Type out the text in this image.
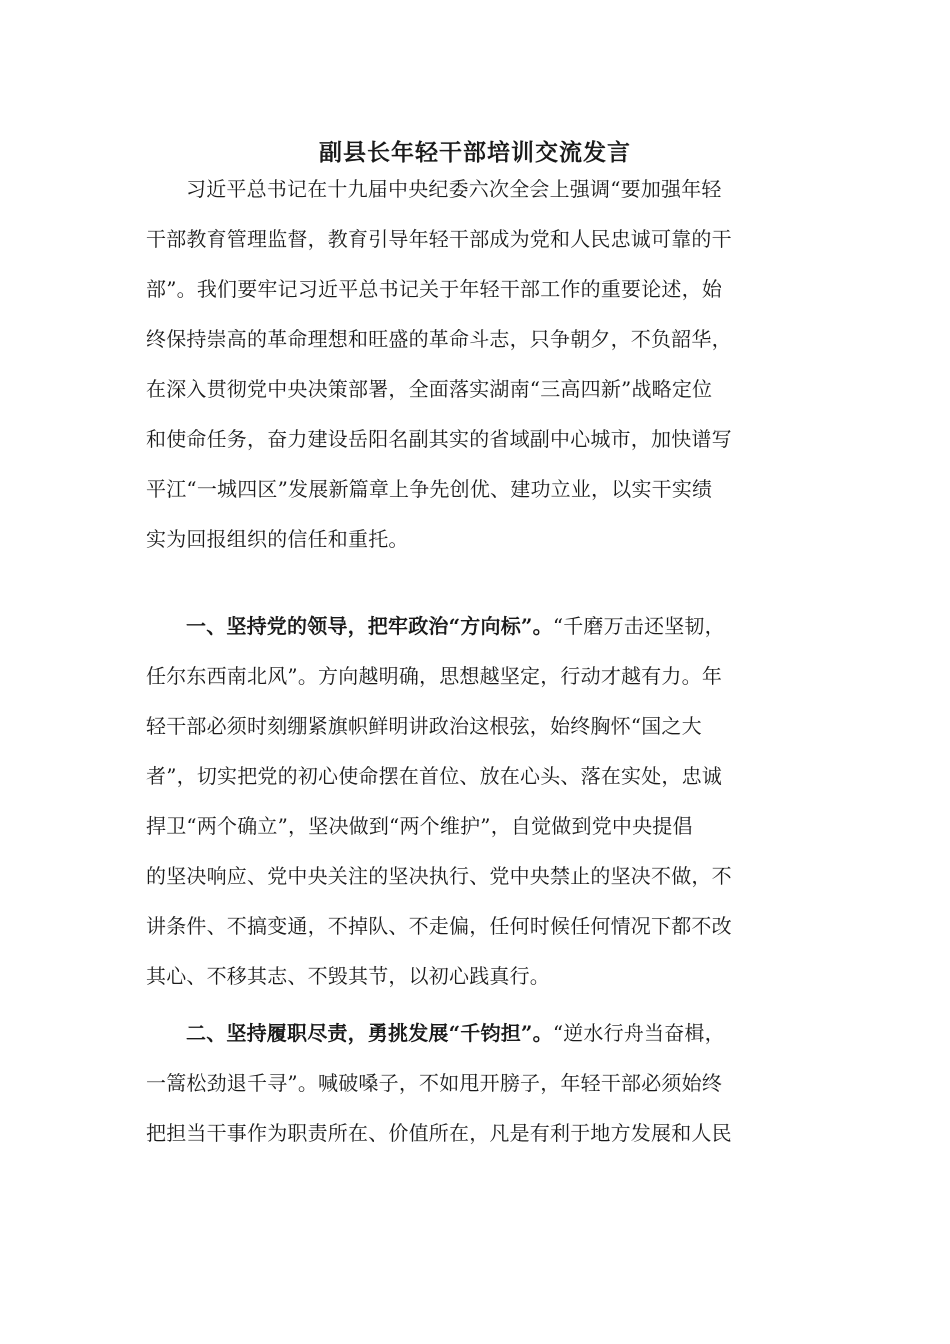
副县长年轻干部培训交流发言
习近平总书记在十九届中央纪委六次全会上强调“要加强年轻
干部教育管理监督，教育引导年轻干部成为党和人民忠诚可靠的干
部”。我们要牢记习近平总书记关于年轻干部工作的重要论述，始
终保持崇高的革命理想和旺盛的革命斗志，只争朝夕，不负韶华，
在深入贯彻党中央决策部署，全面落实湖南“三高四新”战略定位
和使命任务，奋力建设岳阳名副其实的省域副中心城市，加快谱写
平江“一城四区”发展新篇章上争先创优、建功立业，以实干实绩
实为回报组织的信任和重托。
一、坚持党的领导，把牢政治“方向标”。“千磨万击还坚韧，
任尔东西南北风”。方向越明确，思想越坚定，行动才越有力。年
轻干部必须时刻绷紧旗帜鲜明讲政治这根弦，始终胸怀“国之大
者”，切实把党的初心使命摆在首位、放在心头、落在实处，忠诚
捍卫“两个确立”，坚决做到“两个维护”，自觉做到党中央提倡
的坚决响应、党中央关注的坚决执行、党中央禁止的坚决不做，不
讲条件、不搞变通，不掉队、不走偏，任何时候任何情况下都不改
其心、不移其志、不毁其节，以初心践真行。
二、坚持履职尽责，勇挑发展“千钧担”。“逆水行舟当奋楫，
一篙松劲退千寻”。喊破嗓子，不如甩开膀子，年轻干部必须始终
把担当干事作为职责所在、价值所在，凡是有利于地方发展和人民
